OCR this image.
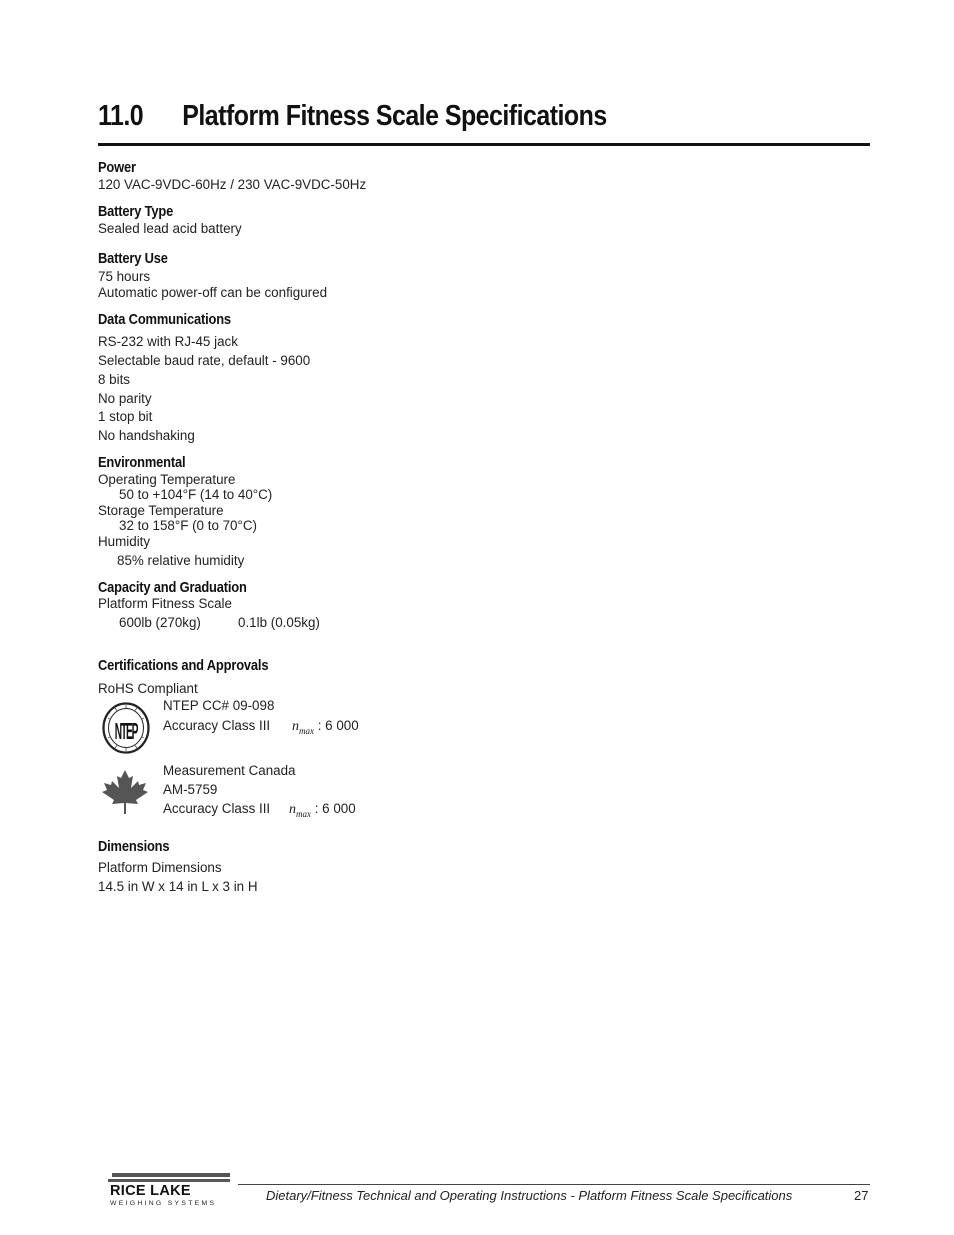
11.0 Platform Fitness Scale Specifications
Power
120 VAC-9VDC-60Hz / 230 VAC-9VDC-50Hz
Battery Type
Sealed lead acid battery
Battery Use
75 hours
Automatic power-off can be configured
Data Communications
RS-232 with RJ-45 jack
Selectable baud rate, default - 9600
8 bits
No parity
1 stop bit
No handshaking
Environmental
Operating Temperature
50 to +104°F (14 to 40°C)
Storage Temperature
32 to 158°F (0 to 70°C)
Humidity
85% relative humidity
Capacity and Graduation
Platform Fitness Scale
600lb (270kg)	0.1lb (0.05kg)
Certifications and Approvals
RoHS Compliant
NTEP
NTEP CC# 09-098
Accuracy Class III $n_{max}$ : 6 000
Measurement Canada
AM-5759
Accuracy Class III $n_{max}$ : 6 000
Dimensions
Platform Dimensions
14.5 in W x 14 in L x 3 in H
RICE LAKE
WEIGHING SYSTEMS
Dietary/Fitness Technical and Operating Instructions - Platform Fitness Scale Specifications	27
